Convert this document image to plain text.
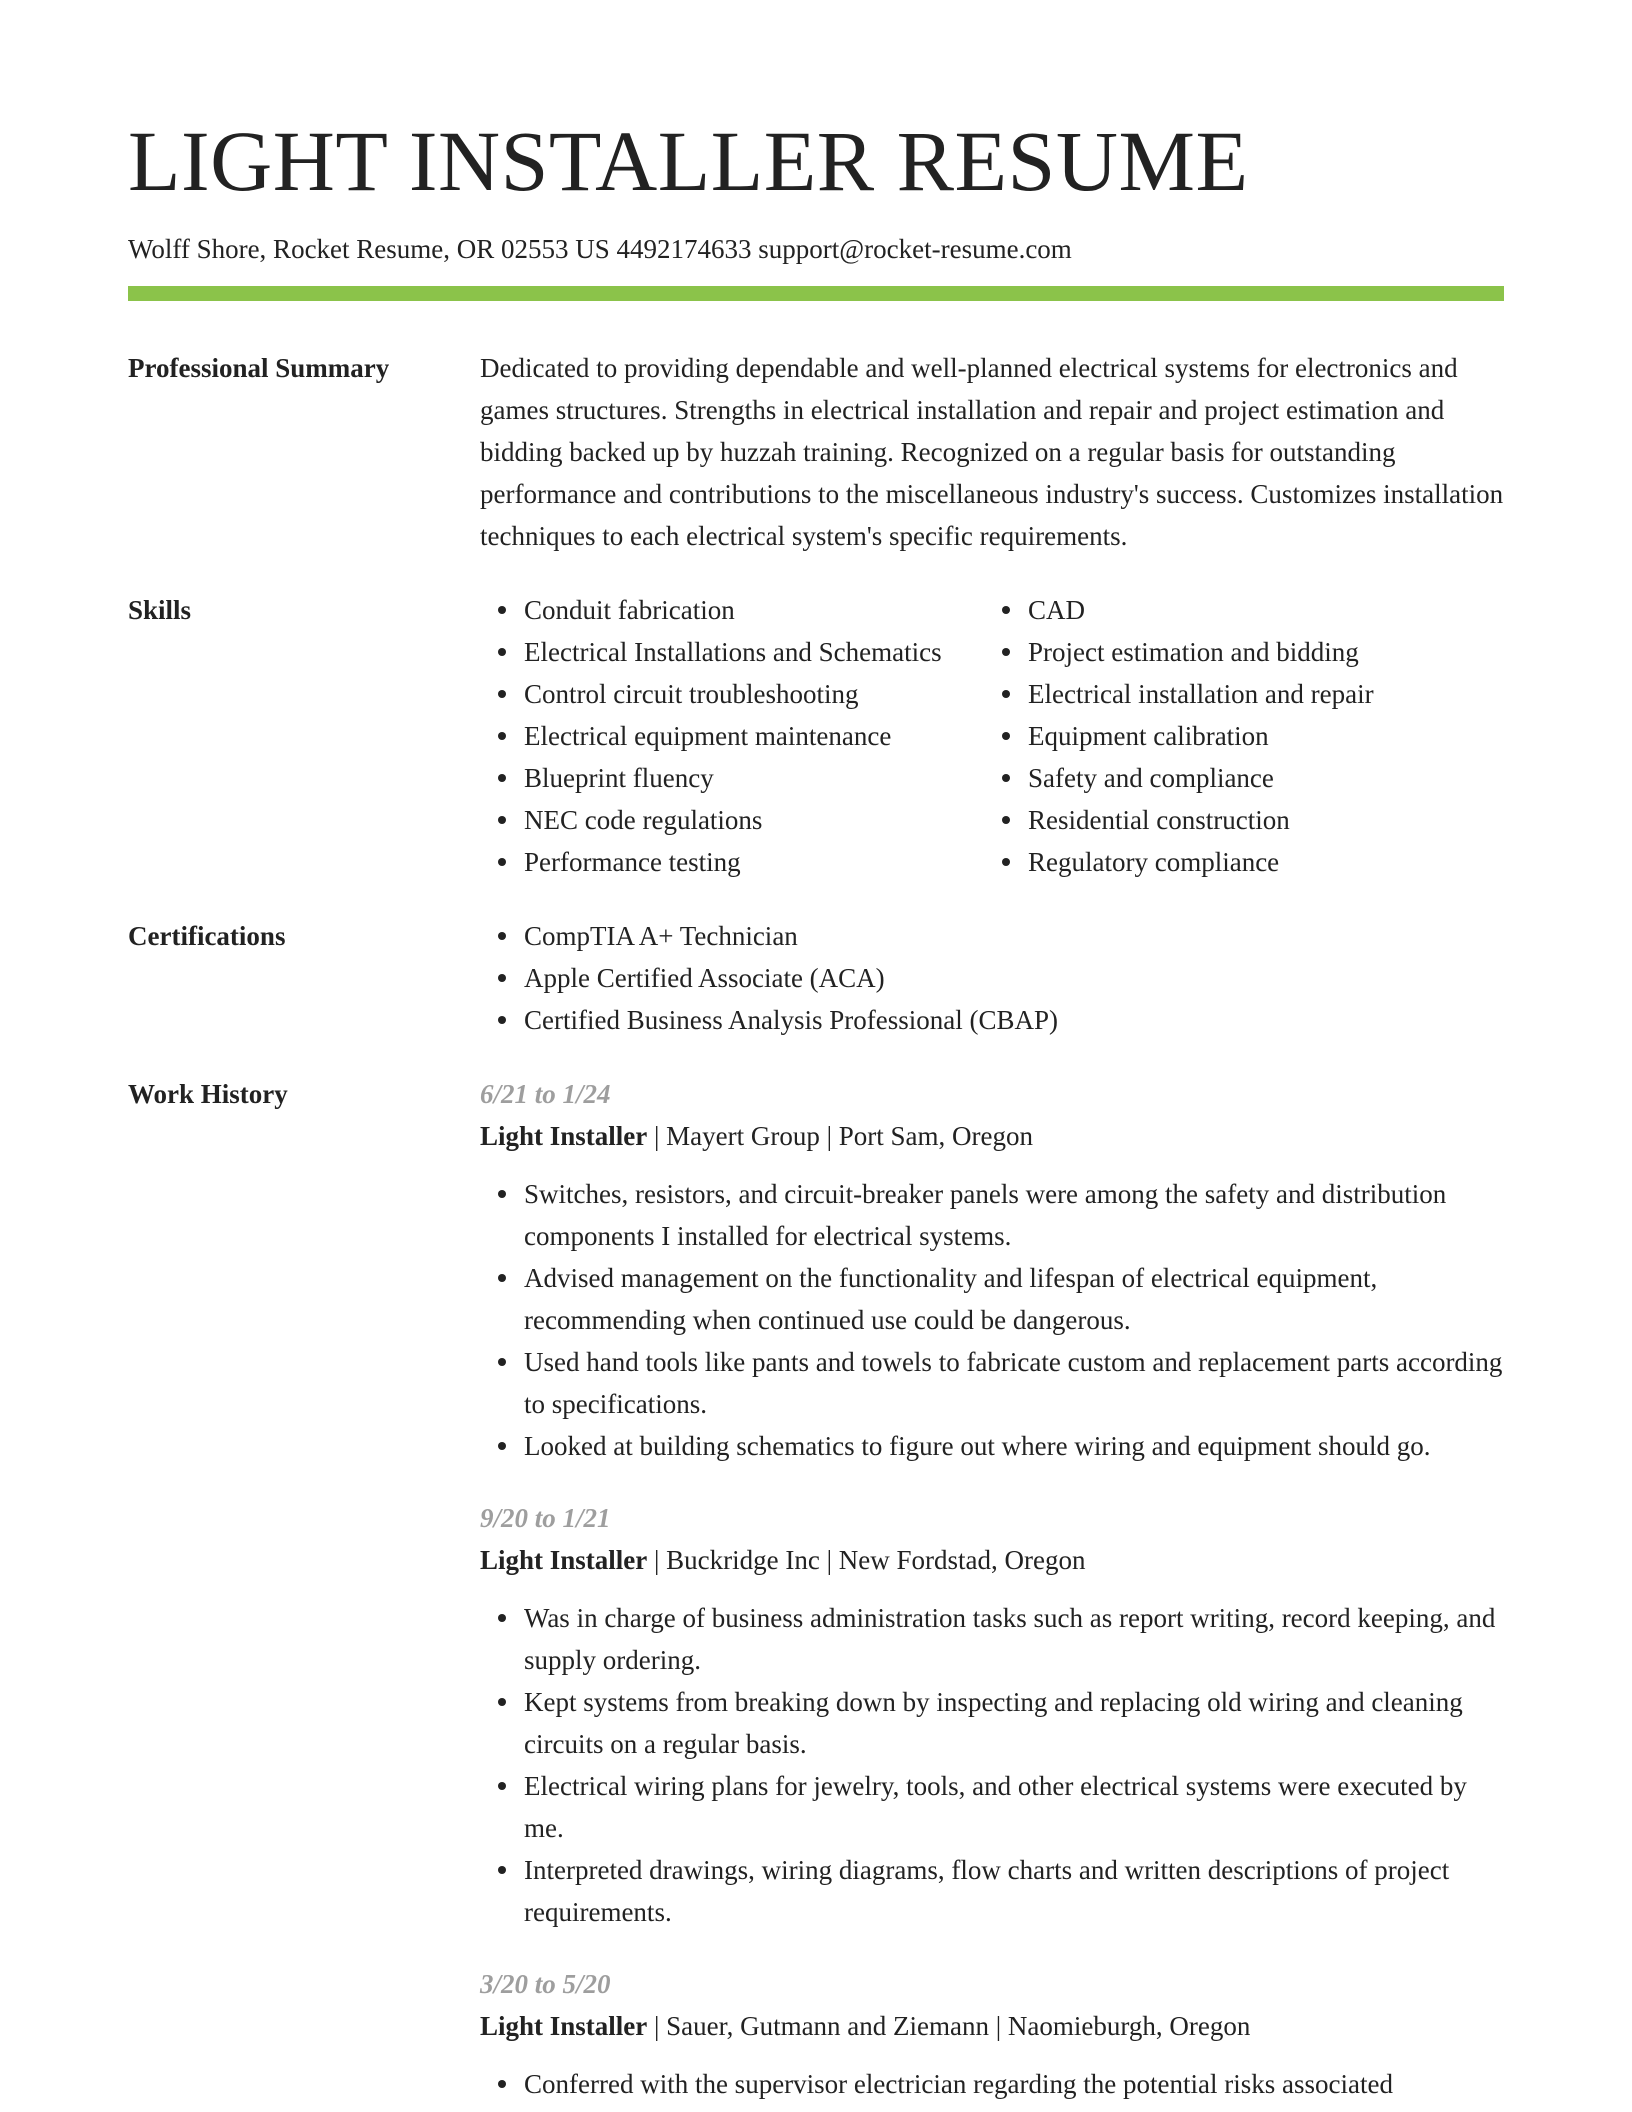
LIGHT INSTALLER RESUME
Wolff Shore, Rocket Resume, OR 02553 US 4492174633 support@rocket-resume.com
Professional Summary	Dedicated to providing dependable and well-planned electrical systems for electronics and games structures. Strengths in electrical installation and repair and project estimation and bidding backed up by huzzah training. Recognized on a regular basis for outstanding performance and contributions to the miscellaneous industry's success. Customizes installation techniques to each electrical system's specific requirements.

Skills	Conduit fabrication
Electrical Installations and Schematics
Control circuit troubleshooting
Electrical equipment maintenance
Blueprint fluency
NEC code regulations
Performance testing
CAD
Project estimation and bidding
Electrical installation and repair
Equipment calibration
Safety and compliance
Residential construction
Regulatory compliance
Certifications	CompTIA A+ Technician
Apple Certified Associate (ACA)
Certified Business Analysis Professional (CBAP)
Work History	6/21 to 1/24
Light Installer | Mayert Group | Port Sam, Oregon
Switches, resistors, and circuit-breaker panels were among the safety and distribution components I installed for electrical systems.
Advised management on the functionality and lifespan of electrical equipment, recommending when continued use could be dangerous.
Used hand tools like pants and towels to fabricate custom and replacement parts according to specifications.
Looked at building schematics to figure out where wiring and equipment should go.
9/20 to 1/21
Light Installer | Buckridge Inc | New Fordstad, Oregon
Was in charge of business administration tasks such as report writing, record keeping, and supply ordering.
Kept systems from breaking down by inspecting and replacing old wiring and cleaning circuits on a regular basis.
Electrical wiring plans for jewelry, tools, and other electrical systems were executed by me.
Interpreted drawings, wiring diagrams, flow charts and written descriptions of project requirements.
3/20 to 5/20
Light Installer | Sauer, Gutmann and Ziemann | Naomieburgh, Oregon
Conferred with the supervisor electrician regarding the potential risks associated
